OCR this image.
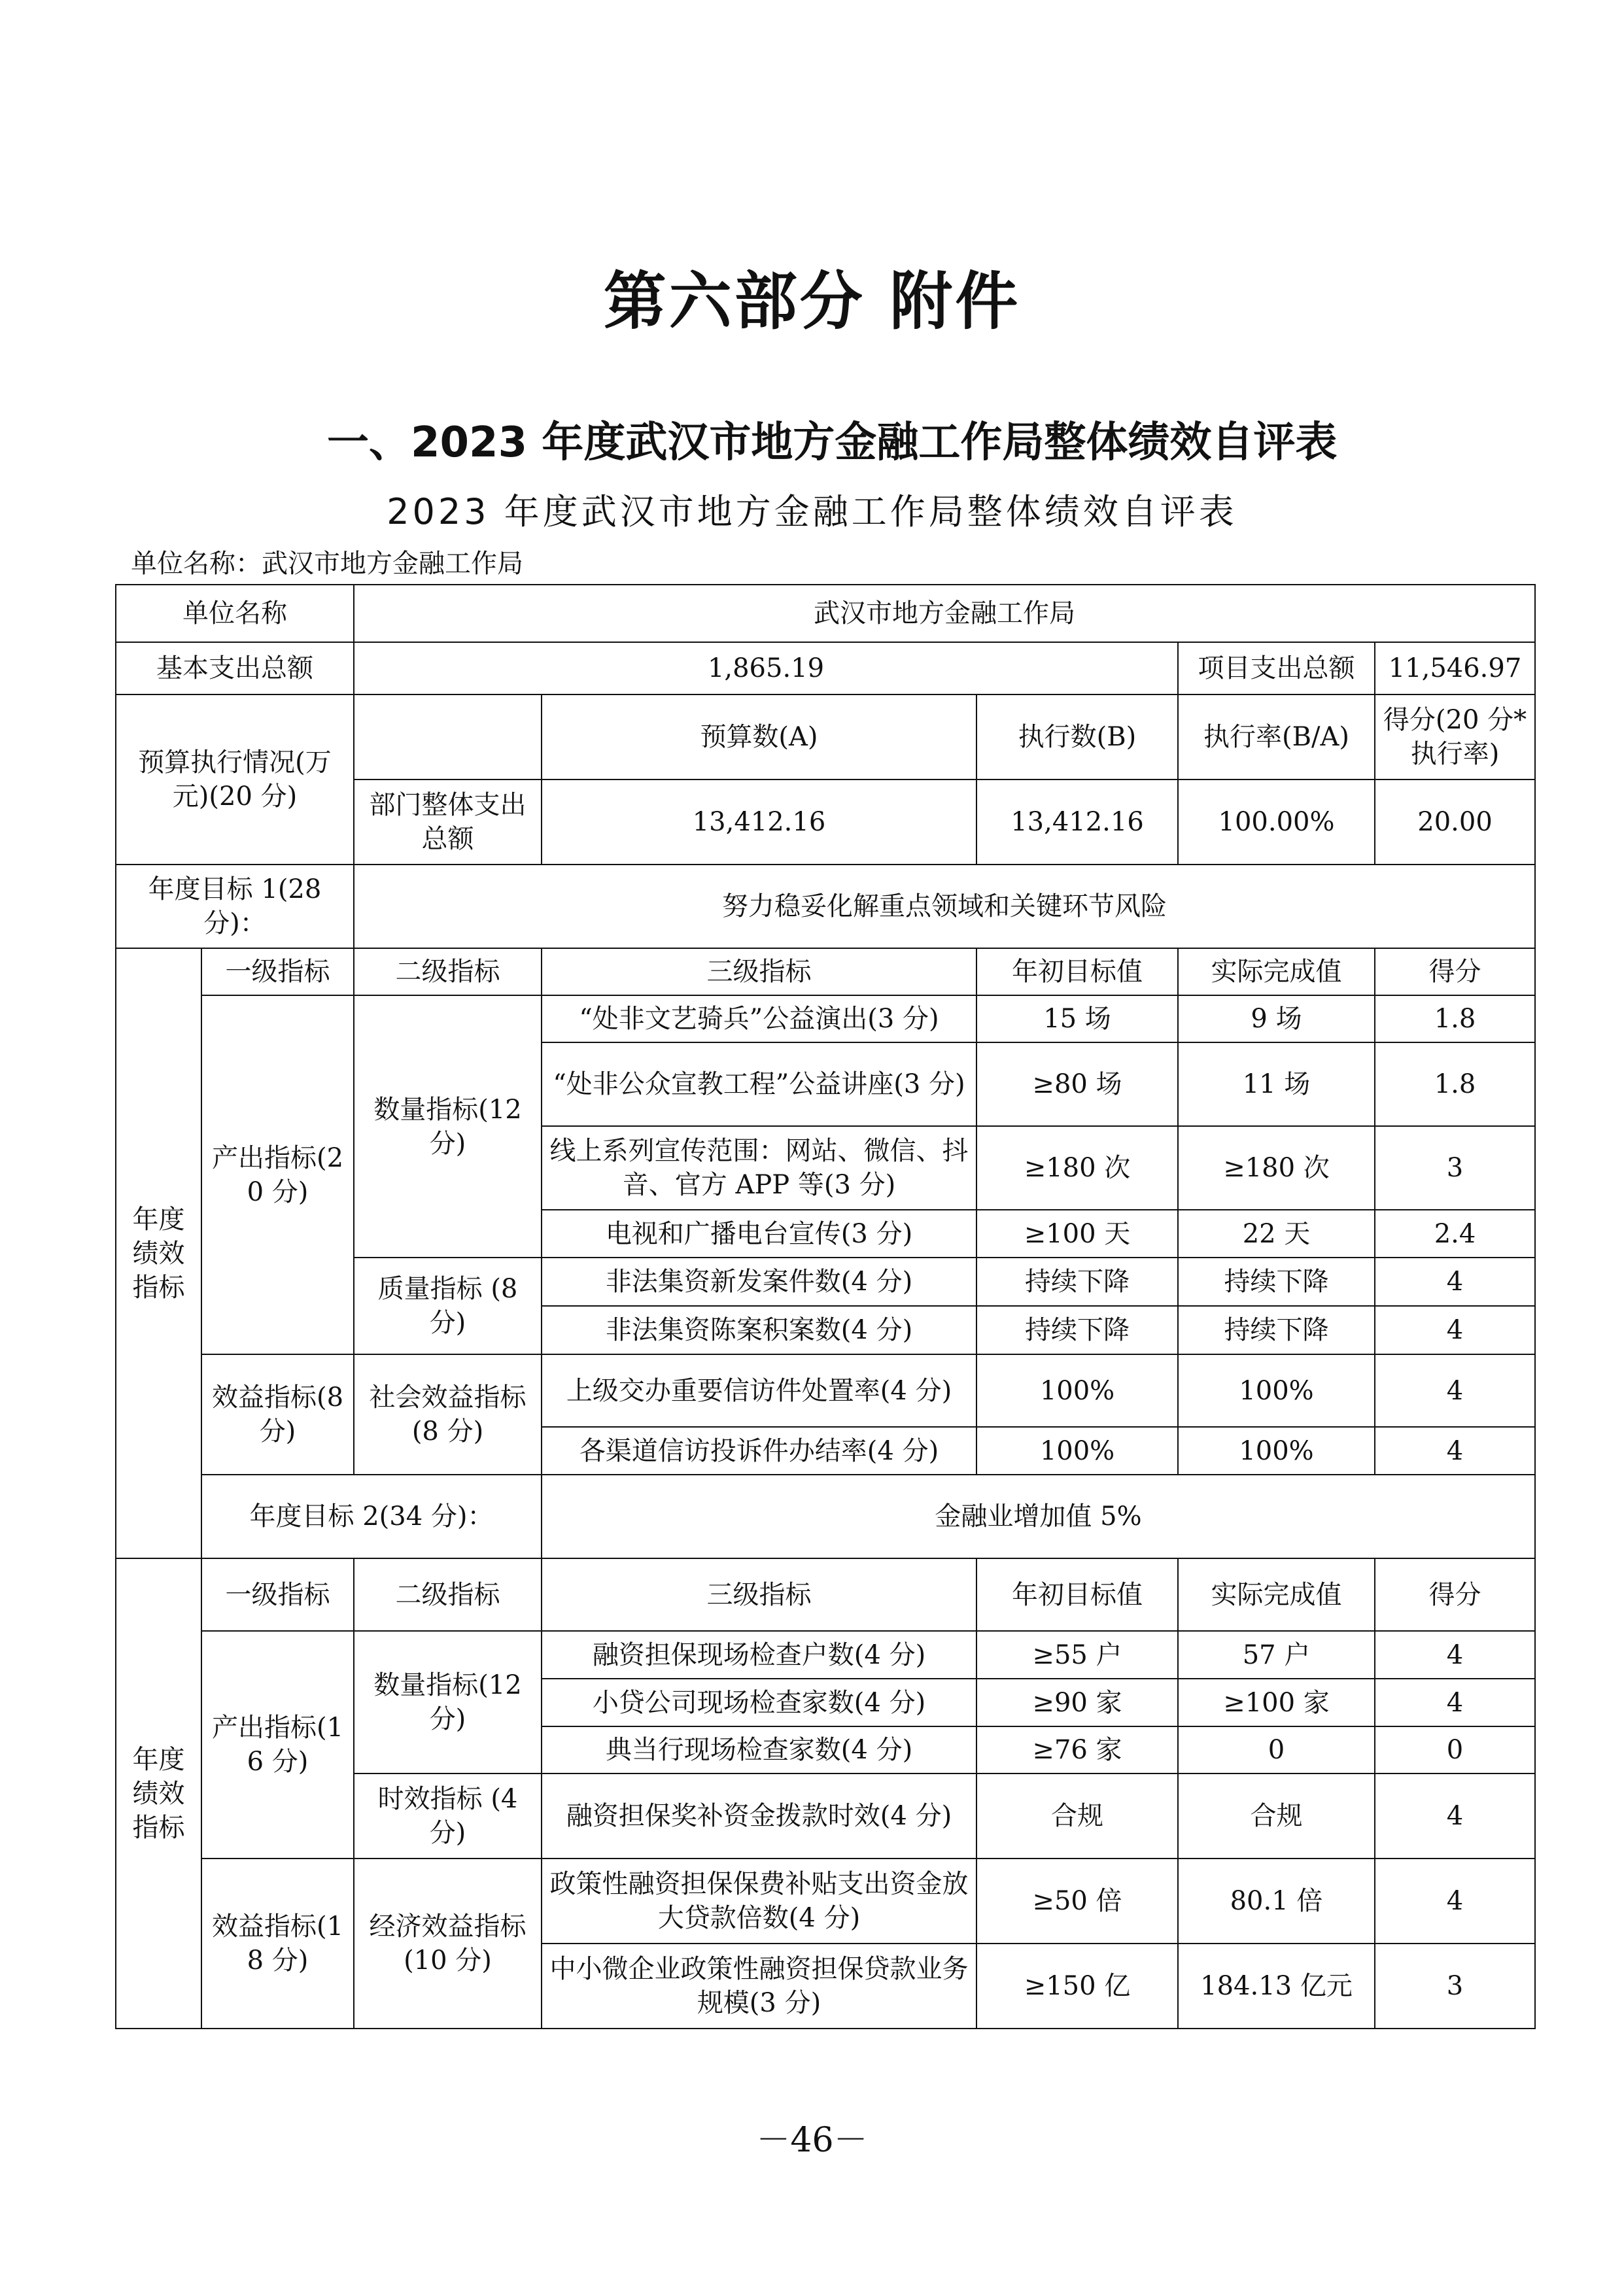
第六部分 附件
一、2023 年度武汉市地方金融工作局整体绩效自评表
2023 年度武汉市地方金融工作局整体绩效自评表
单位名称：武汉市地方金融工作局
单位名称		武汉市地方金融工作局				
基本支出总额		1,865.19			项目支出总额	11,546.97
预算执行情况(万元)(20 分)			预算数(A)	执行数(B)	执行率(B/A)	得分(20 分*执行率)
		部门整体支出总额	13,412.16	13,412.16	100.00%	20.00
年度目标 1(28 分)：		努力稳妥化解重点领域和关键环节风险				
年度绩效指标	一级指标	二级指标	三级指标	年初目标值	实际完成值	得分
	产出指标(20 分)	数量指标(12 分)	“处非文艺骑兵”公益演出(3 分)	15 场	9 场	1.8
			“处非公众宣教工程”公益讲座(3 分)	≥80 场	11 场	1.8
			线上系列宣传范围：网站、微信、抖音、官方 APP 等(3 分)	≥180 次	≥180 次	3
			电视和广播电台宣传(3 分)	≥100 天	22 天	2.4
		质量指标 (8 分)	非法集资新发案件数(4 分)	持续下降	持续下降	4
			非法集资陈案积案数(4 分)	持续下降	持续下降	4
	效益指标(8 分)	社会效益指标(8 分)	上级交办重要信访件处置率(4 分)	100%	100%	4
			各渠道信访投诉件办结率(4 分)	100%	100%	4
	年度目标 2(34 分)：		金融业增加值 5%			
年度绩效指标	一级指标	二级指标	三级指标	年初目标值	实际完成值	得分
	产出指标(16 分)	数量指标(12 分)	融资担保现场检查户数(4 分)	≥55 户	57 户	4
			小贷公司现场检查家数(4 分)	≥90 家	≥100 家	4
			典当行现场检查家数(4 分)	≥76 家	0	0
		时效指标 (4 分)	融资担保奖补资金拨款时效(4 分)	合规	合规	4
	效益指标(18 分)	经济效益指标(10 分)	政策性融资担保保费补贴支出资金放大贷款倍数(4 分)	≥50 倍	80.1 倍	4
			中小微企业政策性融资担保贷款业务规模(3 分)	≥150 亿	184.13 亿元	3
－46－
